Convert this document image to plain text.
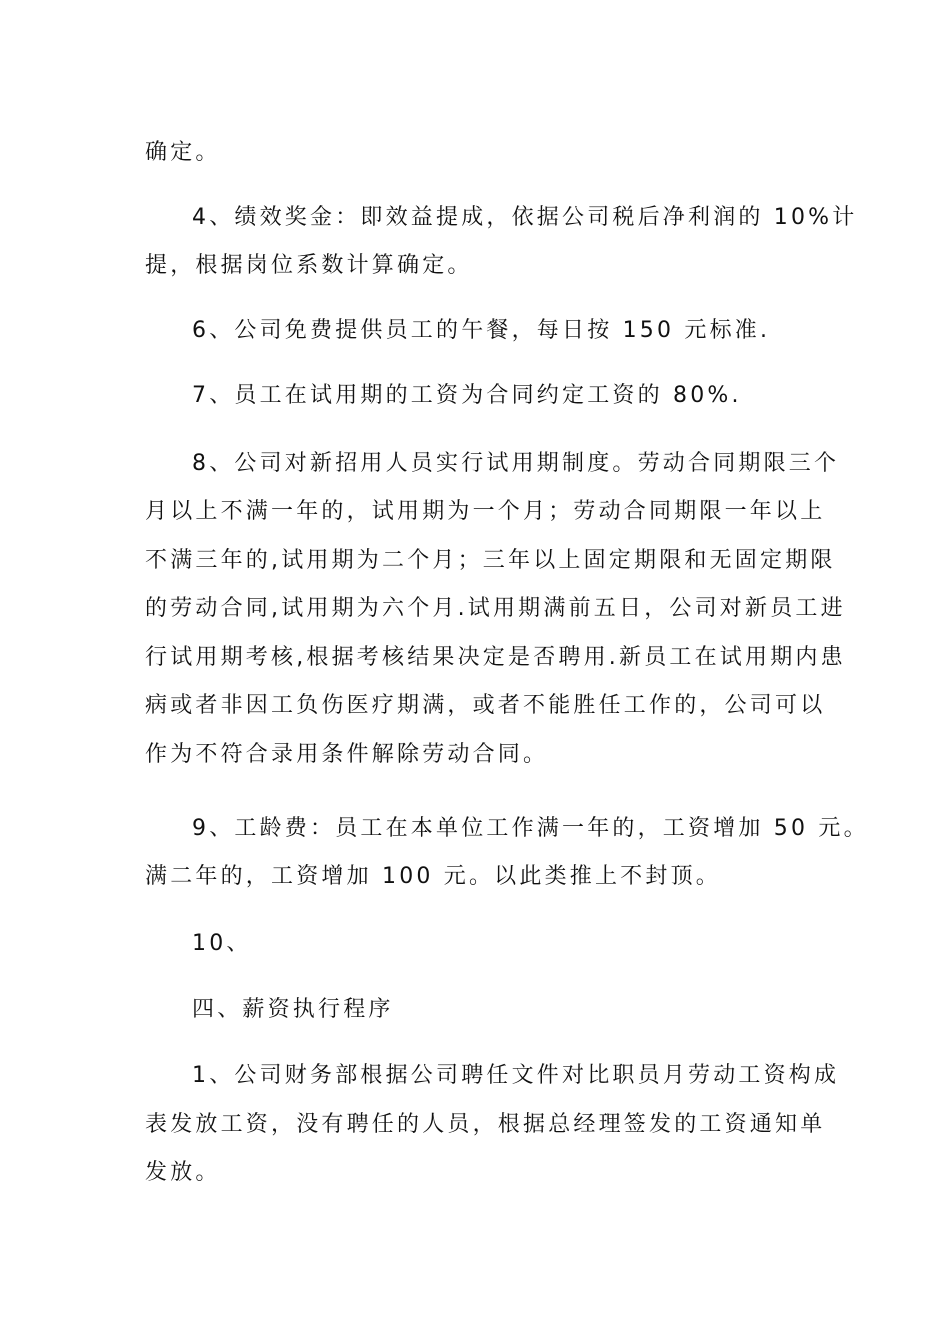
确定。
4、绩效奖金：即效益提成，依据公司税后净利润的 10%计
提，根据岗位系数计算确定。
6、公司免费提供员工的午餐，每日按 150 元标准.
7、员工在试用期的工资为合同约定工资的 80%.
8、公司对新招用人员实行试用期制度。劳动合同期限三个
月以上不满一年的，试用期为一个月；劳动合同期限一年以上
不满三年的,试用期为二个月；三年以上固定期限和无固定期限
的劳动合同,试用期为六个月.试用期满前五日，公司对新员工进
行试用期考核,根据考核结果决定是否聘用.新员工在试用期内患
病或者非因工负伤医疗期满，或者不能胜任工作的，公司可以
作为不符合录用条件解除劳动合同。
9、工龄费：员工在本单位工作满一年的，工资增加 50 元。
满二年的，工资增加 100 元。以此类推上不封顶。
10、
四、薪资执行程序
1、公司财务部根据公司聘任文件对比职员月劳动工资构成
表发放工资，没有聘任的人员，根据总经理签发的工资通知单
发放。
